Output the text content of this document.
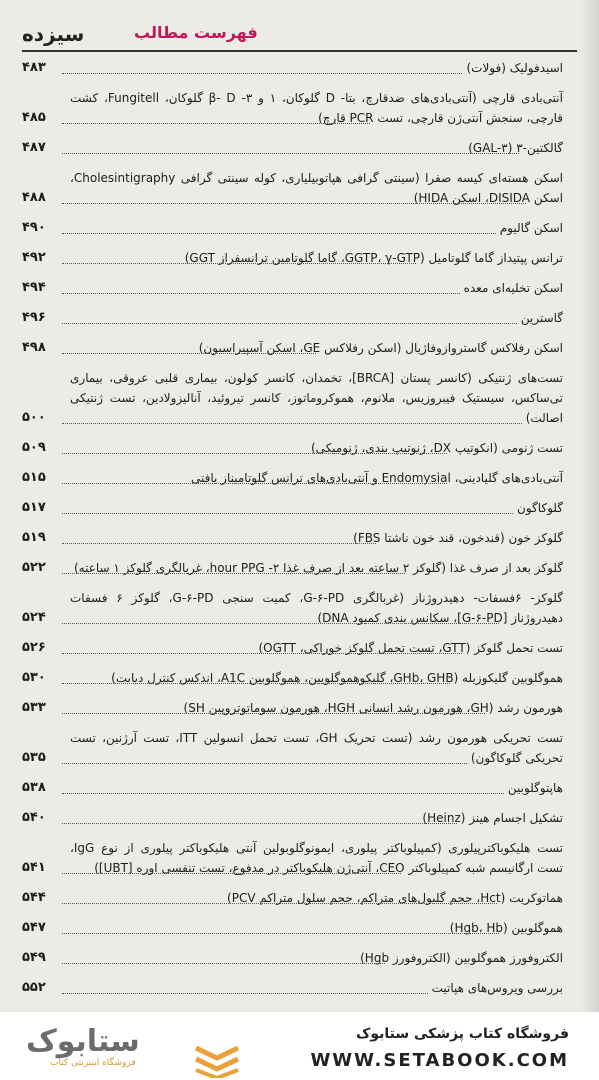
سیزده	فهرست مطالب
اسیدفولیک (فولات)
۴۸۳
آنتی‌بادی قارچی (آنتی‌بادی‌های ضدقارچ، بتا- D گلوکان، ۱ و ۳- β- D گلوکان، Fungitell، کشت قارچی، سنجش آنتی‌ژن قارچی، تست PCR قارچ)
۴۸۵
گالکتین-۳ (GAL-۳)
۴۸۷
اسکن هسته‌ای کیسه صفرا (سینتی گرافی هپاتوبیلیاری، کوله سینتی گرافی Cholesintigraphy، اسکن DISIDA، اسکن HIDA)
۴۸۸
اسکن گالیوم
۴۹۰
ترانس پپتیداز گاما گلوتامیل (GGTP، γ-GTP، گاما گلوتامین ترانسفراز GGT)
۴۹۲
اسکن تخلیه‌ای معده
۴۹۴
گاسترین
۴۹۶
اسکن رفلاکس گاستروازوفاژیال (اسکن رفلاکس GE، اسکن آسپیراسیون)
۴۹۸
تست‌های ژنتیکی (کانسر پستان [BRCA]، تخمدان، کانسر کولون، بیماری قلبی عروقی، بیماری تی‌ساکس، سیستیک فیبروزیس، ملانوم، هموکروماتوز، کانسر تیروئید، آنالیزولادین، تست ژنتیکی اصالت)
۵۰۰
تست ژنومی (انکوتیپ DX، ژنوتیپ بندی، ژنومیکی)
۵۰۹
آنتی‌بادی‌های گلیادینی، Endomysial و آنتی‌بادی‌های ترانس گلوتامیناز بافتی
۵۱۵
گلوکاگون
۵۱۷
گلوکز خون (قندخون، قند خون ناشتا FBS)
۵۱۹
گلوکز بعد از صرف غذا (گلوکز ۲ ساعته بعد از صرف غذا ۲- hour PPG، غربالگری گلوکز ۱ ساعته)
۵۲۲
گلوکز- ۶فسفات- دهیدروژناز (غربالگری G-۶-PD، کمیت سنجی G-۶-PD، گلوکز ۶ فسفات دهیدروژناز [G-۶-PD]، سکانس بندی کمبود DNA)
۵۲۴
تست تحمل گلوکز (GTT، تست تحمل گلوکز خوراکی، OGTT)
۵۲۶
هموگلوبین گلیکوزیله (GHb، GHB، گلیکوهموگلوبین، هموگلوبین A1C، اندکس کنترل دیابت)
۵۳۰
هورمون رشد (GH، هورمون رشد انسانی HGH، هورمون سوماتوتروپین SH)
۵۳۳
تست تحریکی هورمون رشد (تست تحریک GH، تست تحمل انسولین ITT، تست آرژنین، تست تحریکی گلوکاگون)
۵۳۵
هاپتوگلوبین
۵۳۸
تشکیل اجسام هینز (Heinz)
۵۴۰
تست هلیکوباکترپیلوری (کمپیلوباکتر پیلوری، ایمونوگلوبولین آنتی هلیکوباکتر پیلوری از نوع IgG، تست ارگانیسم شبه کمپیلوباکتر CEO، آنتی‌ژن هلیکوباکتر در مدفوع، تست تنفسی اوره [UBT])
۵۴۱
هماتوکریت (Hct، حجم گلبول‌های متراکم، حجم سلول متراکم PCV)
۵۴۴
هموگلوبین (Hgb، Hb)
۵۴۷
الکتروفورز هموگلوبین (الکتروفورز Hgb)
۵۴۹
بررسی ویروس‌های هپاتیت
۵۵۲
ستابوک
فروشگاه اینترنتی کتاب
فروشگاه کتاب پزشکی ستابوک
WWW.SETABOOK.COM
